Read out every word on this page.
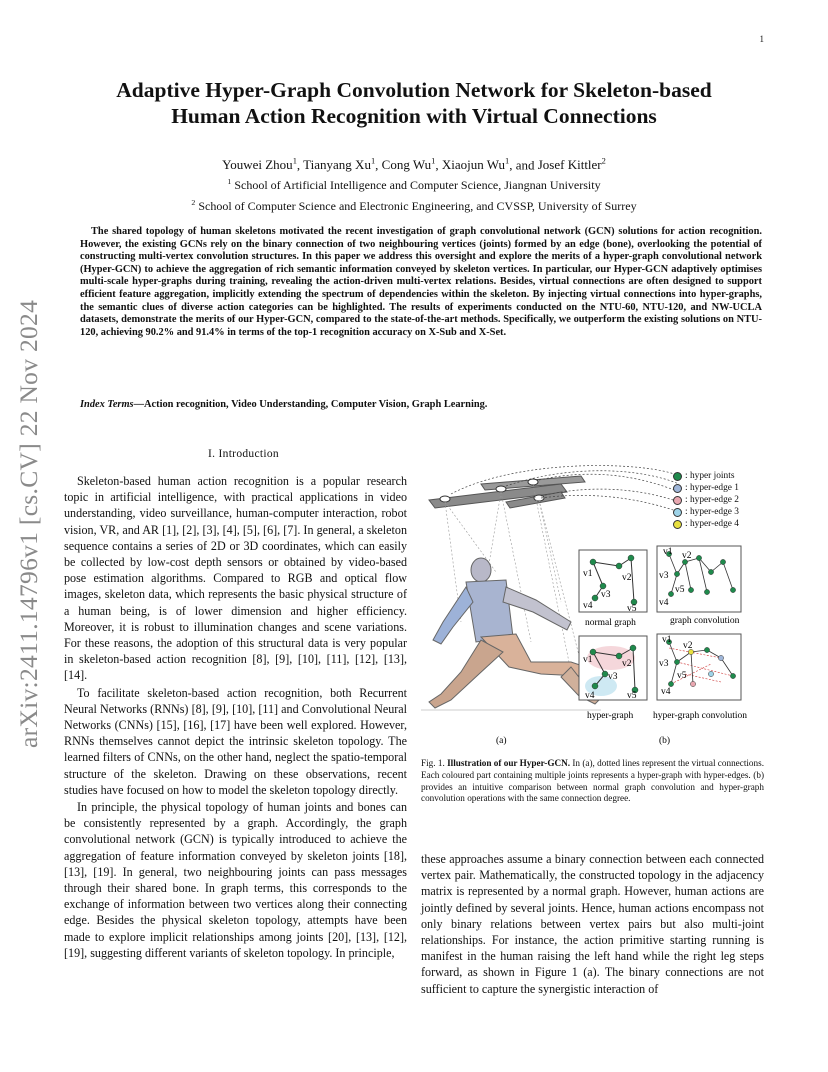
1
arXiv:2411.14796v1 [cs.CV] 22 Nov 2024
Adaptive Hyper-Graph Convolution Network for Skeleton-based Human Action Recognition with Virtual Connections
Youwei Zhou$^1$, Tianyang Xu$^1$, Cong Wu$^1$, Xiaojun Wu$^1$, and Josef Kittler$^2$
$^1$ School of Artificial Intelligence and Computer Science, Jiangnan University
$^2$ School of Computer Science and Electronic Engineering, and CVSSP, University of Surrey

The shared topology of human skeletons motivated the recent investigation of graph convolutional network (GCN) solutions for action recognition. However, the existing GCNs rely on the binary connection of two neighbouring vertices (joints) formed by an edge (bone), overlooking the potential of constructing multi-vertex convolution structures. In this paper we address this oversight and explore the merits of a hyper-graph convolutional network (Hyper-GCN) to achieve the aggregation of rich semantic information conveyed by skeleton vertices. In particular, our Hyper-GCN adaptively optimises multi-scale hyper-graphs during training, revealing the action-driven multi-vertex relations. Besides, virtual connections are often designed to support efficient feature aggregation, implicitly extending the spectrum of dependencies within the skeleton. By injecting virtual connections into hyper-graphs, the semantic clues of diverse action categories can be highlighted. The results of experiments conducted on the NTU-60, NTU-120, and NW-UCLA datasets, demonstrate the merits of our Hyper-GCN, compared to the state-of-the-art methods. Specifically, we outperform the existing solutions on NTU-120, achieving 90.2% and 91.4% in terms of the top-1 recognition accuracy on X-Sub and X-Set.

Index Terms—Action recognition, Video Understanding, Computer Vision, Graph Learning.
I. Introduction

Skeleton-based human action recognition is a popular research topic in artificial intelligence, with practical applications in video understanding, video surveillance, human-computer interaction, robot vision, VR, and AR [1], [2], [3], [4], [5], [6], [7]. In general, a skeleton sequence contains a series of 2D or 3D coordinates, which can easily be collected by low-cost depth sensors or obtained by video-based pose estimation algorithms. Compared to RGB and optical flow images, skeleton data, which represents the basic physical structure of a human being, is of lower dimension and higher efficiency. Moreover, it is robust to illumination changes and scene variations. For these reasons, the adoption of this structural data is very popular in skeleton-based action recognition [8], [9], [10], [11], [12], [13], [14].

To facilitate skeleton-based action recognition, both Recurrent Neural Networks (RNNs) [8], [9], [10], [11] and Convolutional Neural Networks (CNNs) [15], [16], [17] have been well explored. However, RNNs themselves cannot depict the intrinsic skeleton topology. The learned filters of CNNs, on the other hand, neglect the spatio-temporal structure of the skeleton. Drawing on these observations, recent studies have focused on how to model the skeleton topology directly.

In principle, the physical topology of human joints and bones can be consistently represented by a graph. Accordingly, the graph convolutional network (GCN) is typically introduced to achieve the aggregation of feature information conveyed by skeleton joints [18], [13], [19]. In general, two neighbouring joints can pass messages through their shared bone. In graph terms, this corresponds to the exchange of information between two vertices along their connecting edge. Besides the physical skeleton topology, attempts have been made to explore implicit relationships among joints [20], [13], [12], [19], suggesting different variants of skeleton topology. In principle,

v1	v2
v3
v4	v5
normal graph
v1 v2
v3
v4
v5
graph convolution
v1	v2
v3
v4	v5
hyper-graph
v1
v2
v3
v4
v5
hyper-graph convolution
(a)	(b)
: hyper joints
: hyper-edge 1
: hyper-edge 2
: hyper-edge 3
: hyper-edge 4
Fig. 1. Illustration of our Hyper-GCN. In (a), dotted lines represent the virtual connections. Each coloured part containing multiple joints represents a hyper-graph with hyper-edges. (b) provides an intuitive comparison between normal graph convolution and hyper-graph convolution operations with the same connection degree.

these approaches assume a binary connection between each connected vertex pair. Mathematically, the constructed topology in the adjacency matrix is represented by a normal graph. However, human actions are jointly defined by several joints. Hence, human actions encompass not only binary relations between vertex pairs but also multi-joint relationships. For instance, the action primitive starting running is manifest in the human raising the left hand while the right leg steps forward, as shown in Figure 1 (a). The binary connections are not sufficient to capture the synergistic interaction of
